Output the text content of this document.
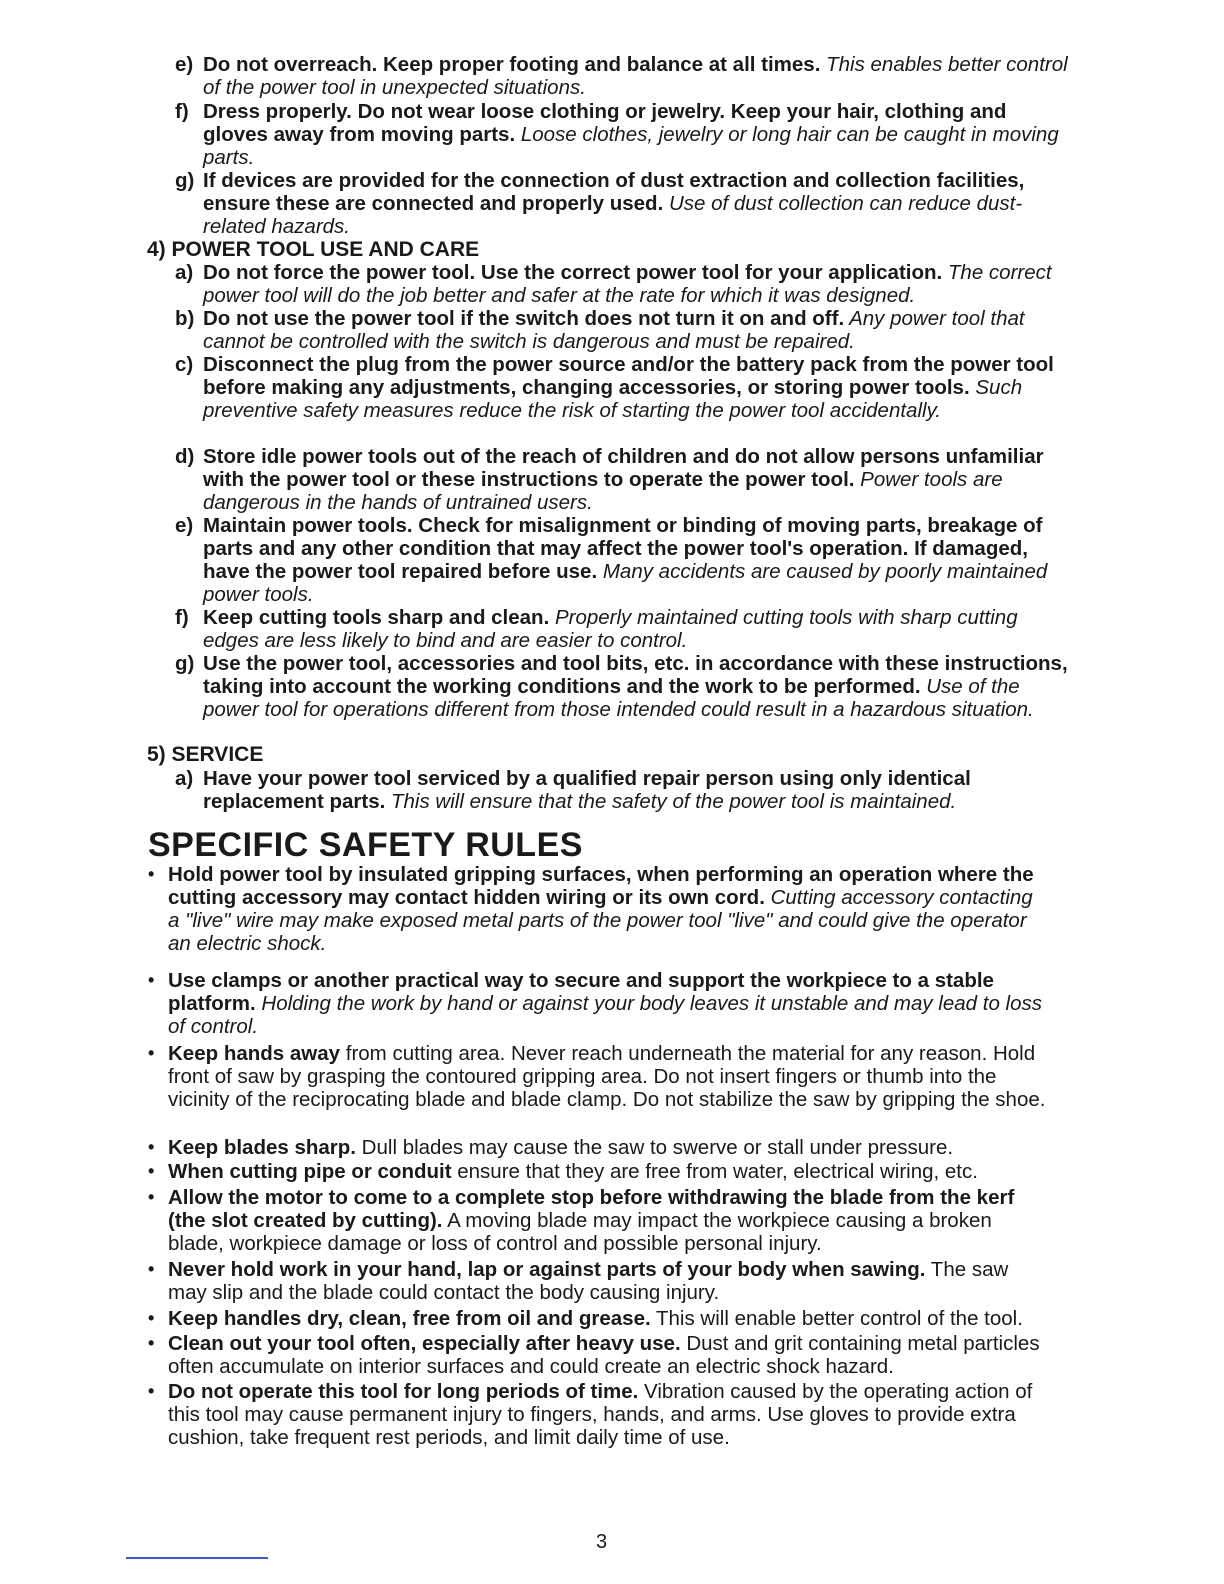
e) Do not overreach. Keep proper footing and balance at all times. This enables better control of the power tool in unexpected situations.
f) Dress properly. Do not wear loose clothing or jewelry. Keep your hair, clothing and gloves away from moving parts. Loose clothes, jewelry or long hair can be caught in moving parts.
g) If devices are provided for the connection of dust extraction and collection facilities, ensure these are connected and properly used. Use of dust collection can reduce dust-related hazards.
4) POWER TOOL USE AND CARE
a) Do not force the power tool. Use the correct power tool for your application. The correct power tool will do the job better and safer at the rate for which it was designed.
b) Do not use the power tool if the switch does not turn it on and off. Any power tool that cannot be controlled with the switch is dangerous and must be repaired.
c) Disconnect the plug from the power source and/or the battery pack from the power tool before making any adjustments, changing accessories, or storing power tools. Such preventive safety measures reduce the risk of starting the power tool accidentally.
d) Store idle power tools out of the reach of children and do not allow persons unfamiliar with the power tool or these instructions to operate the power tool. Power tools are dangerous in the hands of untrained users.
e) Maintain power tools. Check for misalignment or binding of moving parts, breakage of parts and any other condition that may affect the power tool's operation. If damaged, have the power tool repaired before use. Many accidents are caused by poorly maintained power tools.
f) Keep cutting tools sharp and clean. Properly maintained cutting tools with sharp cutting edges are less likely to bind and are easier to control.
g) Use the power tool, accessories and tool bits, etc. in accordance with these instructions, taking into account the working conditions and the work to be performed. Use of the power tool for operations different from those intended could result in a hazardous situation.
5) SERVICE
a) Have your power tool serviced by a qualified repair person using only identical replacement parts. This will ensure that the safety of the power tool is maintained.
SPECIFIC SAFETY RULES
• Hold power tool by insulated gripping surfaces, when performing an operation where the cutting accessory may contact hidden wiring or its own cord. Cutting accessory contacting a "live" wire may make exposed metal parts of the power tool "live" and could give the operator an electric shock.
• Use clamps or another practical way to secure and support the workpiece to a stable platform. Holding the work by hand or against your body leaves it unstable and may lead to loss of control.
• Keep hands away from cutting area. Never reach underneath the material for any reason. Hold front of saw by grasping the contoured gripping area. Do not insert fingers or thumb into the vicinity of the reciprocating blade and blade clamp. Do not stabilize the saw by gripping the shoe.
• Keep blades sharp. Dull blades may cause the saw to swerve or stall under pressure.
• When cutting pipe or conduit ensure that they are free from water, electrical wiring, etc.
• Allow the motor to come to a complete stop before withdrawing the blade from the kerf (the slot created by cutting). A moving blade may impact the workpiece causing a broken blade, workpiece damage or loss of control and possible personal injury.
• Never hold work in your hand, lap or against parts of your body when sawing. The saw may slip and the blade could contact the body causing injury.
• Keep handles dry, clean, free from oil and grease. This will enable better control of the tool.
• Clean out your tool often, especially after heavy use. Dust and grit containing metal particles often accumulate on interior surfaces and could create an electric shock hazard.
• Do not operate this tool for long periods of time. Vibration caused by the operating action of this tool may cause permanent injury to fingers, hands, and arms. Use gloves to provide extra cushion, take frequent rest periods, and limit daily time of use.
3
